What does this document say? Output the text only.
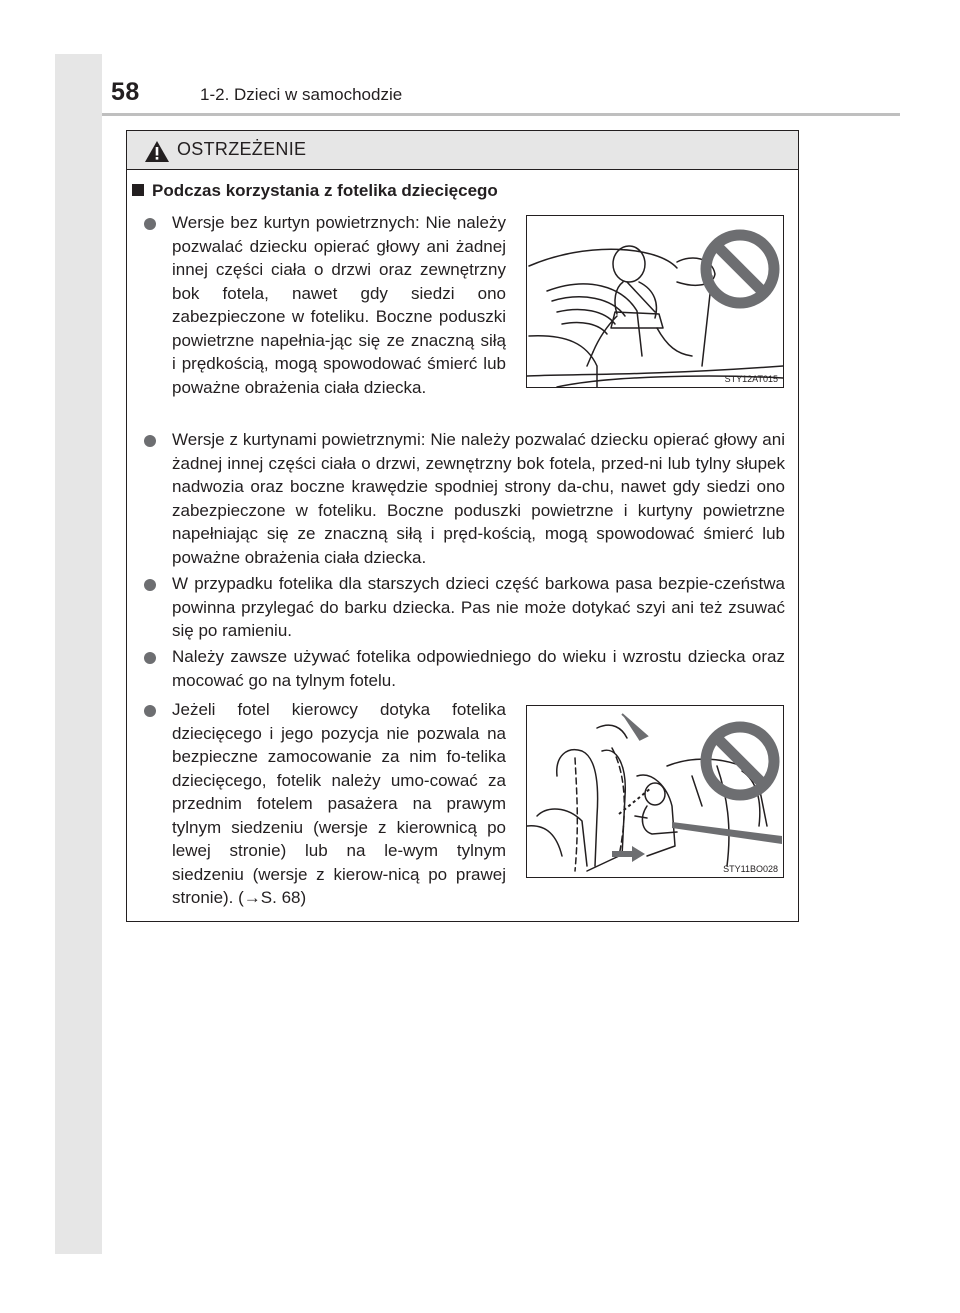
58	1-2. Dzieci w samochodzie
OSTRZEŻENIE
Podczas korzystania z fotelika dziecięcego

Wersje bez kurtyn powietrznych: Nie należy pozwalać dziecku opierać głowy ani żadnej innej części ciała o drzwi oraz zewnętrzny bok fotela, nawet gdy siedzi ono zabezpieczone w foteliku. Boczne poduszki powietrzne napełnia-jąc się ze znaczną siłą i prędkością, mogą spowodować śmierć lub poważne obrażenia ciała dziecka.	STY12AT015

Wersje z kurtynami powietrznymi: Nie należy pozwalać dziecku opierać głowy ani żadnej innej części ciała o drzwi, zewnętrzny bok fotela, przed-ni lub tylny słupek nadwozia oraz boczne krawędzie spodniej strony da-chu, nawet gdy siedzi ono zabezpieczone w foteliku. Boczne poduszki powietrzne i kurtyny powietrzne napełniając się ze znaczną siłą i pręd-kością, mogą spowodować śmierć lub poważne obrażenia ciała dziecka.

W przypadku fotelika dla starszych dzieci część barkowa pasa bezpie-czeństwa powinna przylegać do barku dziecka. Pas nie może dotykać szyi ani też zsuwać się po ramieniu.

Należy zawsze używać fotelika odpowiedniego do wieku i wzrostu dziecka oraz mocować go na tylnym fotelu.

Jeżeli fotel kierowcy dotyka fotelika dziecięcego i jego pozycja nie pozwala na bezpieczne zamocowanie za nim fo-telika dziecięcego, fotelik należy umo-cować za przednim fotelem pasażera na prawym tylnym siedzeniu (wersje z kierownicą po lewej stronie) lub na le-wym tylnym siedzeniu (wersje z kierow-nicą po prawej stronie). (→S. 68)

STY11BO028
